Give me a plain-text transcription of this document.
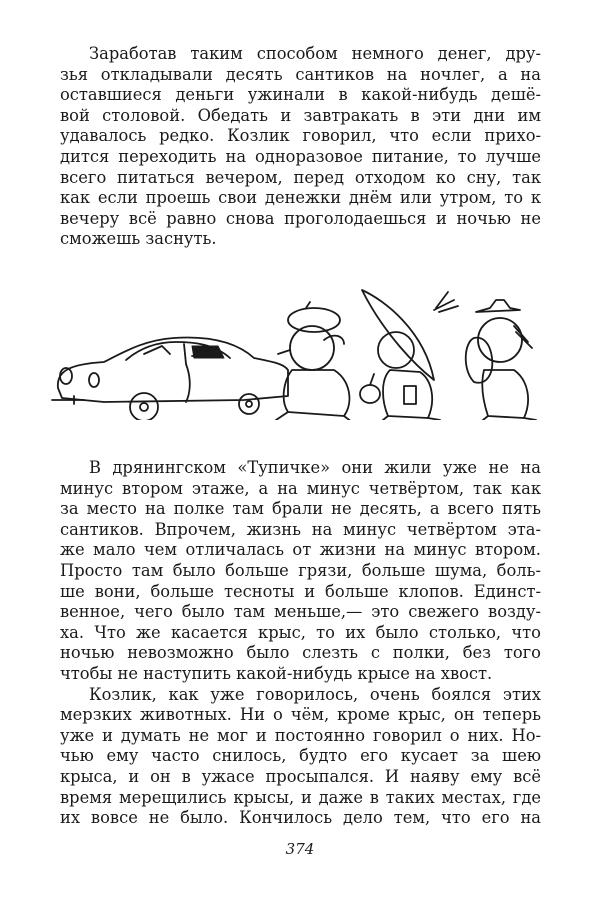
Заработав таким способом немного денег, дру-
зья откладывали десять сантиков на ночлег, а на
оставшиеся деньги ужинали в какой-нибудь дешё-
вой столовой. Обедать и завтракать в эти дни им
удавалось редко. Козлик говорил, что если прихо-
дится переходить на одноразовое питание, то лучше
всего питаться вечером, перед отходом ко сну, так
как если проешь свои денежки днём или утром, то к
вечеру всё равно снова проголодаешься и ночью не
сможешь заснуть.

В дрянингском «Тупичке» они жили уже не на
минус втором этаже, а на минус четвёртом, так как
за место на полке там брали не десять, а всего пять
сантиков. Впрочем, жизнь на минус четвёртом эта-
же мало чем отличалась от жизни на минус втором.
Просто там было больше грязи, больше шума, боль-
ше вони, больше тесноты и больше клопов. Единст-
венное, чего было там меньше,— это свежего возду-
ха. Что же касается крыс, то их было столько, что
ночью невозможно было слезть с полки, без того
чтобы не наступить какой-нибудь крысе на хвост.

Козлик, как уже говорилось, очень боялся этих
мерзких животных. Ни о чём, кроме крыс, он теперь
уже и думать не мог и постоянно говорил о них. Но-
чью ему часто снилось, будто его кусает за шею
крыса, и он в ужасе просыпался. И наяву ему всё
время мерещились крысы, и даже в таких местах, где
их вовсе не было. Кончилось дело тем, что его на

374
